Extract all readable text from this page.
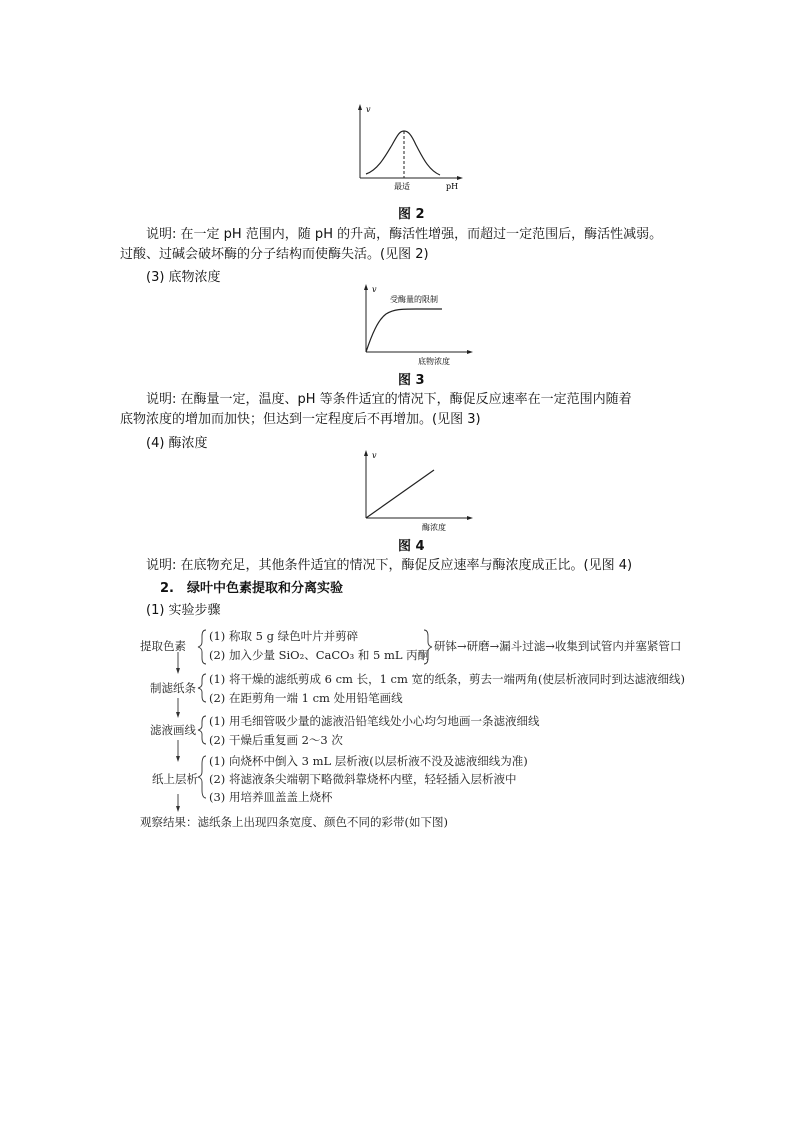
v
最适	pH
图 2
说明: 在一定 pH 范围内，随 pH 的升高，酶活性增强，而超过一定范围后，酶活性减弱。
过酸、过碱会破坏酶的分子结构而使酶失活。(见图 2)
(3) 底物浓度
v
受酶量的限制
底物浓度
图 3
说明: 在酶量一定，温度、pH 等条件适宜的情况下，酶促反应速率在一定范围内随着
底物浓度的增加而加快；但达到一定程度后不再增加。(见图 3)
(4) 酶浓度
v
酶浓度
图 4
说明: 在底物充足，其他条件适宜的情况下，酶促反应速率与酶浓度成正比。(见图 4)
2.　绿叶中色素提取和分离实验
(1) 实验步骤
提取色素
(1) 称取 5 g 绿色叶片并剪碎
(2) 加入少量 SiO₂、CaCO₃ 和 5 mL 丙酮
研钵→研磨→漏斗过滤→收集到试管内并塞紧管口
制滤纸条
(1) 将干燥的滤纸剪成 6 cm 长，1 cm 宽的纸条，剪去一端两角(使层析液同时到达滤液细线)
(2) 在距剪角一端 1 cm 处用铅笔画线
滤液画线
(1) 用毛细管吸少量的滤液沿铅笔线处小心均匀地画一条滤液细线
(2) 干燥后重复画 2～3 次
纸上层析
(1) 向烧杯中倒入 3 mL 层析液(以层析液不没及滤液细线为准)
(2) 将滤液条尖端朝下略微斜靠烧杯内壁，轻轻插入层析液中
(3) 用培养皿盖盖上烧杯
观察结果：滤纸条上出现四条宽度、颜色不同的彩带(如下图)
